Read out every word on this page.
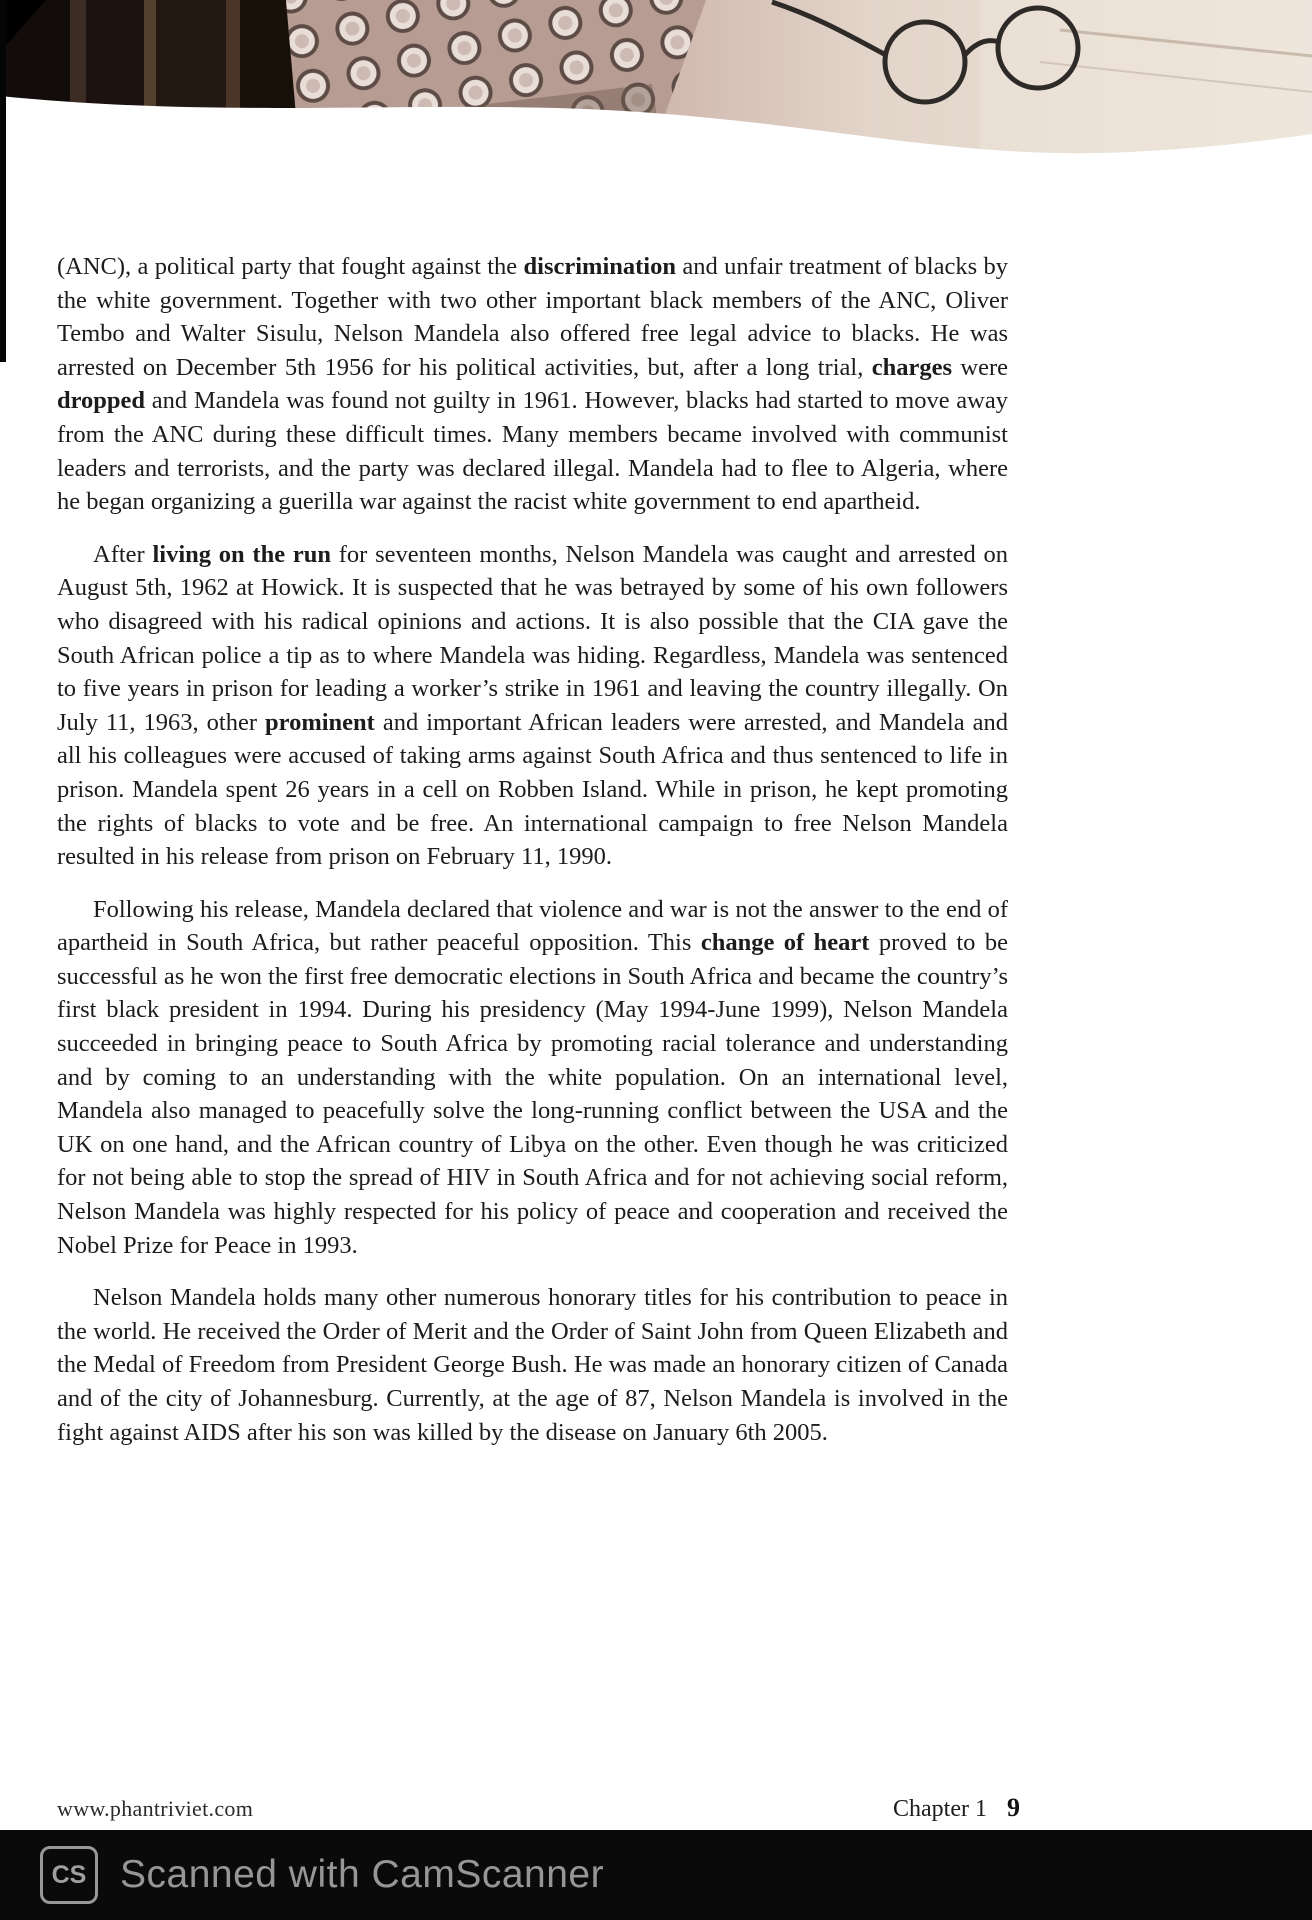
(ANC), a political party that fought against the discrimination and unfair treatment of blacks by the white government. Together with two other important black members of the ANC, Oliver Tembo and Walter Sisulu, Nelson Mandela also offered free legal advice to blacks. He was arrested on December 5th 1956 for his political activities, but, after a long trial, charges were dropped and Mandela was found not guilty in 1961. However, blacks had started to move away from the ANC during these difficult times. Many members became involved with communist leaders and terrorists, and the party was declared illegal. Mandela had to flee to Algeria, where he began organizing a guerilla war against the racist white government to end apartheid.

After living on the run for seventeen months, Nelson Mandela was caught and arrested on August 5th, 1962 at Howick. It is suspected that he was betrayed by some of his own followers who disagreed with his radical opinions and actions. It is also possible that the CIA gave the South African police a tip as to where Mandela was hiding. Regardless, Mandela was sentenced to five years in prison for leading a worker’s strike in 1961 and leaving the country illegally. On July 11, 1963, other prominent and important African leaders were arrested, and Mandela and all his colleagues were accused of taking arms against South Africa and thus sentenced to life in prison. Mandela spent 26 years in a cell on Robben Island. While in prison, he kept promoting the rights of blacks to vote and be free. An international campaign to free Nelson Mandela resulted in his release from prison on February 11, 1990.

Following his release, Mandela declared that violence and war is not the answer to the end of apartheid in South Africa, but rather peaceful opposition. This change of heart proved to be successful as he won the first free democratic elections in South Africa and became the country’s first black president in 1994. During his presidency (May 1994-June 1999), Nelson Mandela succeeded in bringing peace to South Africa by promoting racial tolerance and understanding and by coming to an understanding with the white population. On an international level, Mandela also managed to peacefully solve the long-running conflict between the USA and the UK on one hand, and the African country of Libya on the other. Even though he was criticized for not being able to stop the spread of HIV in South Africa and for not achieving social reform, Nelson Mandela was highly respected for his policy of peace and cooperation and received the Nobel Prize for Peace in 1993.

Nelson Mandela holds many other numerous honorary titles for his contribution to peace in the world. He received the Order of Merit and the Order of Saint John from Queen Elizabeth and the Medal of Freedom from President George Bush. He was made an honorary citizen of Canada and of the city of Johannesburg. Currently, at the age of 87, Nelson Mandela is involved in the fight against AIDS after his son was killed by the disease on January 6th 2005.

www.phantriviet.com	Chapter 1 9
CS Scanned with CamScanner
